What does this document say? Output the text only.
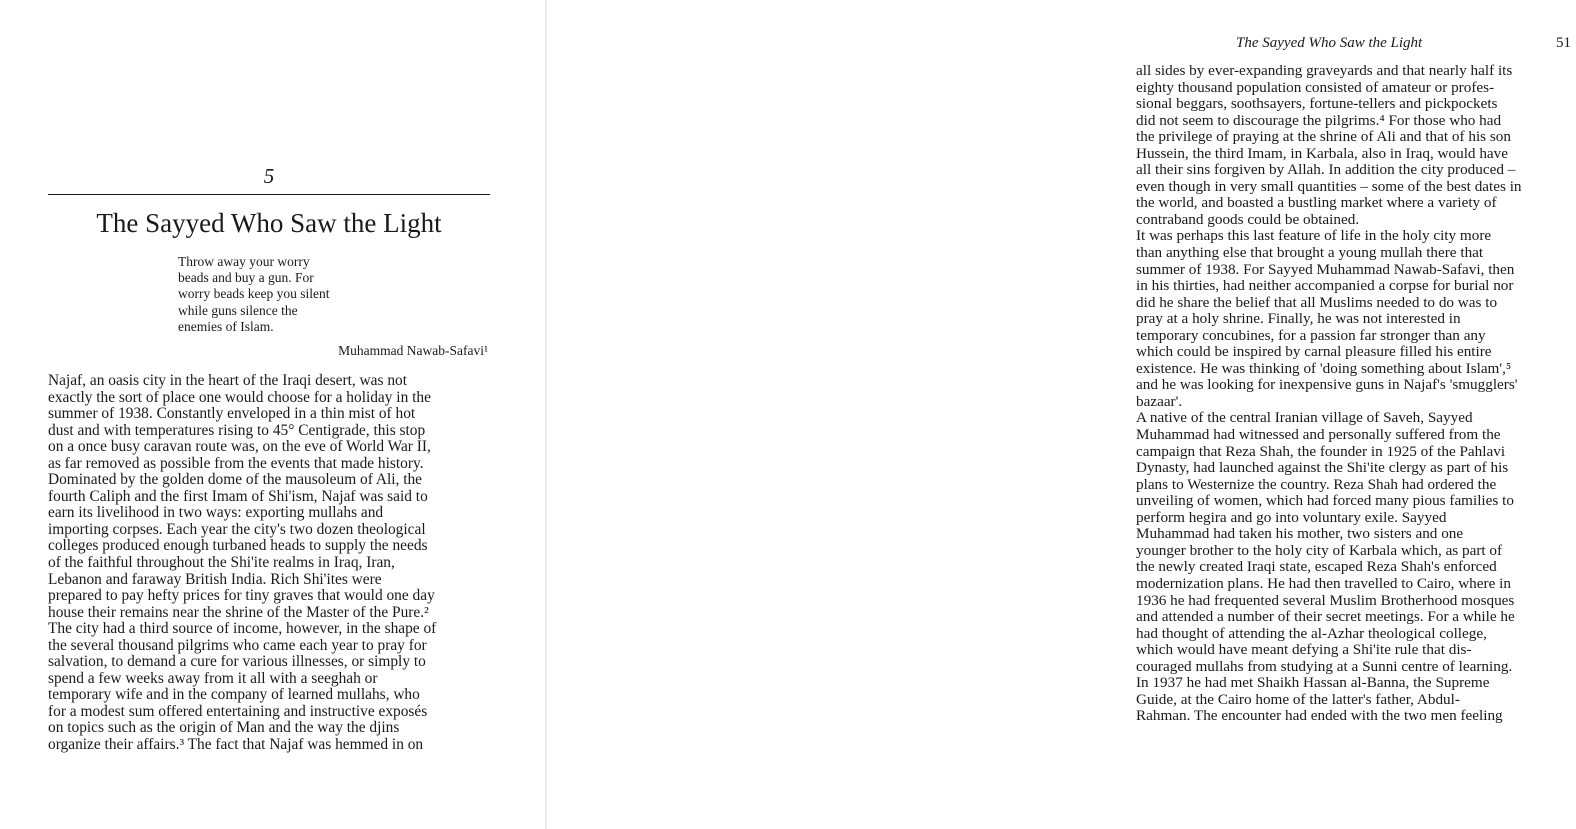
5
The Sayyed Who Saw the Light
Throw away your worry
beads and buy a gun. For
worry beads keep you silent
while guns silence the
enemies of Islam.
Muhammad Nawab-Safavi¹
Najaf, an oasis city in the heart of the Iraqi desert, was not
exactly the sort of place one would choose for a holiday in the
summer of 1938. Constantly enveloped in a thin mist of hot
dust and with temperatures rising to 45° Centigrade, this stop
on a once busy caravan route was, on the eve of World War II,
as far removed as possible from the events that made history.
Dominated by the golden dome of the mausoleum of Ali, the
fourth Caliph and the first Imam of Shi'ism, Najaf was said to
earn its livelihood in two ways: exporting mullahs and
importing corpses. Each year the city's two dozen theological
colleges produced enough turbaned heads to supply the needs
of the faithful throughout the Shi'ite realms in Iraq, Iran,
Lebanon and faraway British India. Rich Shi'ites were
prepared to pay hefty prices for tiny graves that would one day
house their remains near the shrine of the Master of the Pure.²
The city had a third source of income, however, in the shape of
the several thousand pilgrims who came each year to pray for
salvation, to demand a cure for various illnesses, or simply to
spend a few weeks away from it all with a seeghah or
temporary wife and in the company of learned mullahs, who
for a modest sum offered entertaining and instructive exposés
on topics such as the origin of Man and the way the djins
organize their affairs.³ The fact that Najaf was hemmed in on
The Sayyed Who Saw the Light	51
all sides by ever-expanding graveyards and that nearly half its
eighty thousand population consisted of amateur or profes-
sional beggars, soothsayers, fortune-tellers and pickpockets
did not seem to discourage the pilgrims.⁴ For those who had
the privilege of praying at the shrine of Ali and that of his son
Hussein, the third Imam, in Karbala, also in Iraq, would have
all their sins forgiven by Allah. In addition the city produced –
even though in very small quantities – some of the best dates in
the world, and boasted a bustling market where a variety of
contraband goods could be obtained.
It was perhaps this last feature of life in the holy city more
than anything else that brought a young mullah there that
summer of 1938. For Sayyed Muhammad Nawab-Safavi, then
in his thirties, had neither accompanied a corpse for burial nor
did he share the belief that all Muslims needed to do was to
pray at a holy shrine. Finally, he was not interested in
temporary concubines, for a passion far stronger than any
which could be inspired by carnal pleasure filled his entire
existence. He was thinking of 'doing something about Islam',⁵
and he was looking for inexpensive guns in Najaf's 'smugglers'
bazaar'.
A native of the central Iranian village of Saveh, Sayyed
Muhammad had witnessed and personally suffered from the
campaign that Reza Shah, the founder in 1925 of the Pahlavi
Dynasty, had launched against the Shi'ite clergy as part of his
plans to Westernize the country. Reza Shah had ordered the
unveiling of women, which had forced many pious families to
perform hegira and go into voluntary exile. Sayyed
Muhammad had taken his mother, two sisters and one
younger brother to the holy city of Karbala which, as part of
the newly created Iraqi state, escaped Reza Shah's enforced
modernization plans. He had then travelled to Cairo, where in
1936 he had frequented several Muslim Brotherhood mosques
and attended a number of their secret meetings. For a while he
had thought of attending the al-Azhar theological college,
which would have meant defying a Shi'ite rule that dis-
couraged mullahs from studying at a Sunni centre of learning.
In 1937 he had met Shaikh Hassan al-Banna, the Supreme
Guide, at the Cairo home of the latter's father, Abdul-
Rahman. The encounter had ended with the two men feeling
